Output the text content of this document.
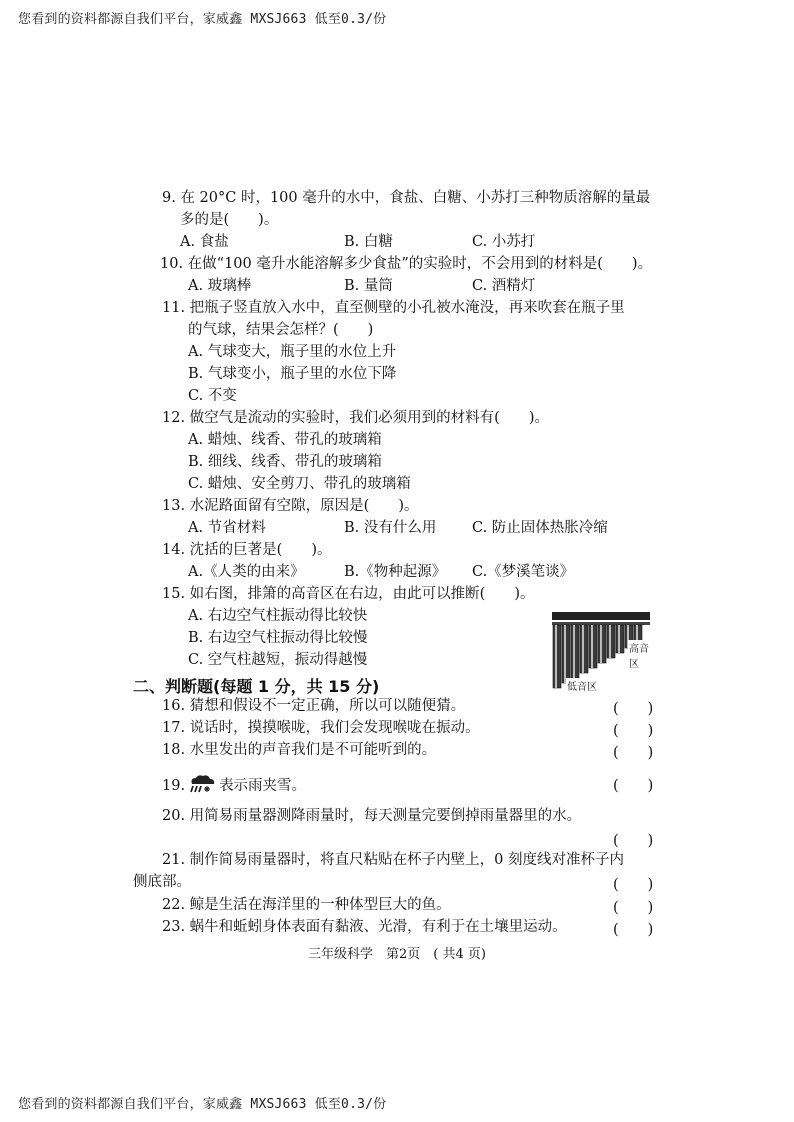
您看到的资料都源自我们平台，家威鑫 MXSJ663 低至0.3/份
9. 在 20°C 时，100 毫升的水中，食盐、白糖、小苏打三种物质溶解的量最
多的是(　　)。
A. 食盐	B. 白糖	C. 小苏打
10. 在做“100 毫升水能溶解多少食盐”的实验时，不会用到的材料是(　　)。
A. 玻璃棒	B. 量筒	C. 酒精灯
11. 把瓶子竖直放入水中，直至侧壁的小孔被水淹没，再来吹套在瓶子里
的气球，结果会怎样？(　　)
A. 气球变大，瓶子里的水位上升
B. 气球变小，瓶子里的水位下降
C. 不变
12. 做空气是流动的实验时，我们必须用到的材料有(　　)。
A. 蜡烛、线香、带孔的玻璃箱
B. 细线、线香、带孔的玻璃箱
C. 蜡烛、安全剪刀、带孔的玻璃箱
13. 水泥路面留有空隙，原因是(　　)。
A. 节省材料	B. 没有什么用 C. 防止固体热胀冷缩
14. 沈括的巨著是(　　)。
A.《人类的由来》	B.《物种起源》 C.《梦溪笔谈》
15. 如右图，排箫的高音区在右边，由此可以推断(　　)。
A. 右边空气柱振动得比较快
B. 右边空气柱振动得比较慢
C. 空气柱越短，振动得越慢
高音区
低音区
二、判断题(每题 1 分，共 15 分)
16. 猜想和假设不一定正确，所以可以随便猜。	(　　)
17. 说话时，摸摸喉咙，我们会发现喉咙在振动。	(　　)
18. 水里发出的声音我们是不可能听到的。	(　　)
19. 表示雨夹雪。	(　　)
20. 用简易雨量器测降雨量时，每天测量完要倒掉雨量器里的水。
(　　)
21. 制作简易雨量器时，将直尺粘贴在杯子内壁上，0 刻度线对准杯子内
侧底部。	(　　)
22. 鲸是生活在海洋里的一种体型巨大的鱼。	(　　)
23. 蜗牛和蚯蚓身体表面有黏液、光滑，有利于在土壤里运动。	(　　)
三年级科学　第2页　( 共4 页)
您看到的资料都源自我们平台，家威鑫 MXSJ663 低至0.3/份
